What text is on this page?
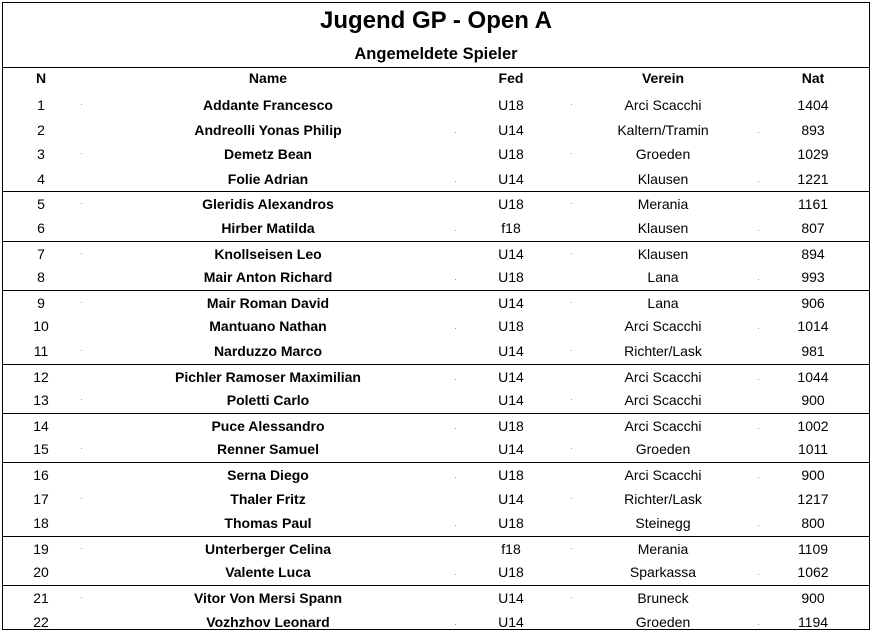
Jugend GP - Open A
Angemeldete Spieler
N	Name	Fed	Verein	Nat
1	Addante Francesco	U18	Arci Scacchi	1404
2	Andreolli Yonas Philip	U14	Kaltern/Tramin	893
3	Demetz Bean	U18	Groeden	1029
4	Folie Adrian	U14	Klausen	1221
5	Gleridis Alexandros	U18	Merania	1161
6	Hirber Matilda	f18	Klausen	807
7	Knollseisen Leo	U14	Klausen	894
8	Mair Anton Richard	U18	Lana	993
9	Mair Roman David	U14	Lana	906
10	Mantuano Nathan	U18	Arci Scacchi	1014
11	Narduzzo Marco	U14	Richter/Lask	981
12	Pichler Ramoser Maximilian	U14	Arci Scacchi	1044
13	Poletti Carlo	U14	Arci Scacchi	900
14	Puce Alessandro	U18	Arci Scacchi	1002
15	Renner Samuel	U14	Groeden	1011
16	Serna Diego	U18	Arci Scacchi	900
17	Thaler Fritz	U14	Richter/Lask	1217
18	Thomas Paul	U18	Steinegg	800
19	Unterberger Celina	f18	Merania	1109
20	Valente Luca	U18	Sparkassa	1062
21	Vitor Von Mersi Spann	U14	Bruneck	900
22	Vozhzhov Leonard	U14	Groeden	1194
